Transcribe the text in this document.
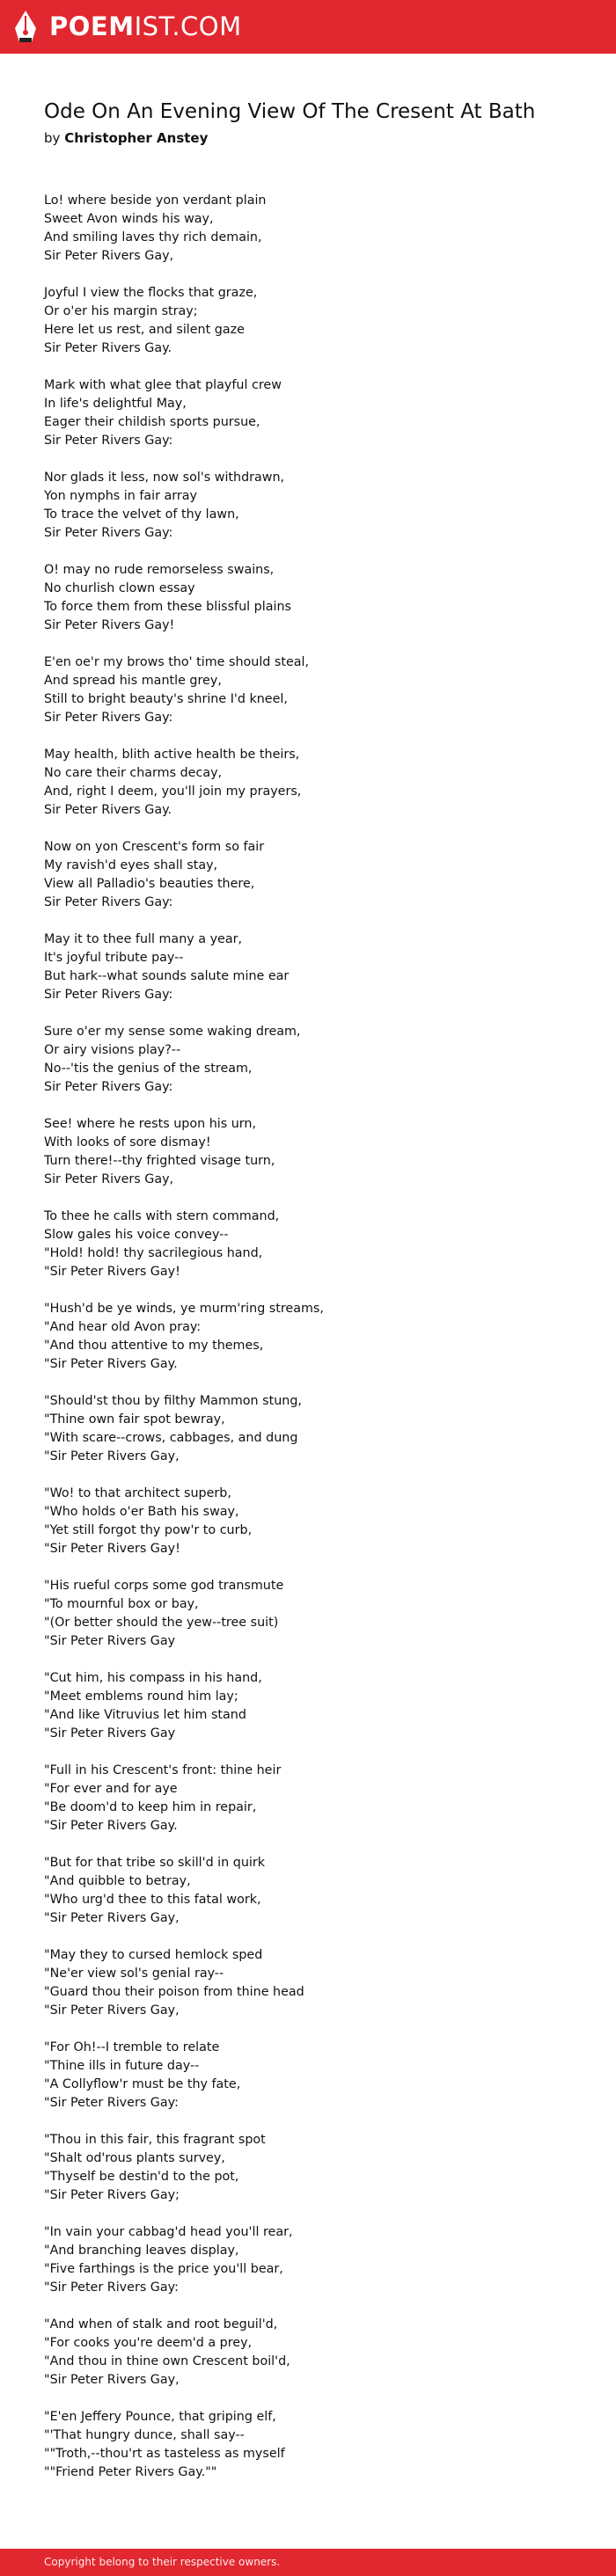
POEMIST.COM
Ode On An Evening View Of The Cresent At Bath
by Christopher Anstey
Lo! where beside yon verdant plain
Sweet Avon winds his way,
And smiling laves thy rich demain,
Sir Peter Rivers Gay,
Joyful I view the flocks that graze,
Or o'er his margin stray;
Here let us rest, and silent gaze
Sir Peter Rivers Gay.
Mark with what glee that playful crew
In life's delightful May,
Eager their childish sports pursue,
Sir Peter Rivers Gay:
Nor glads it less, now sol's withdrawn,
Yon nymphs in fair array
To trace the velvet of thy lawn,
Sir Peter Rivers Gay:
O! may no rude remorseless swains,
No churlish clown essay
To force them from these blissful plains
Sir Peter Rivers Gay!
E'en oe'r my brows tho' time should steal,
And spread his mantle grey,
Still to bright beauty's shrine I'd kneel,
Sir Peter Rivers Gay:
May health, blith active health be theirs,
No care their charms decay,
And, right I deem, you'll join my prayers,
Sir Peter Rivers Gay.
Now on yon Crescent's form so fair
My ravish'd eyes shall stay,
View all Palladio's beauties there,
Sir Peter Rivers Gay:
May it to thee full many a year,
It's joyful tribute pay--
But hark--what sounds salute mine ear
Sir Peter Rivers Gay:
Sure o'er my sense some waking dream,
Or airy visions play?--
No--'tis the genius of the stream,
Sir Peter Rivers Gay:
See! where he rests upon his urn,
With looks of sore dismay!
Turn there!--thy frighted visage turn,
Sir Peter Rivers Gay,
To thee he calls with stern command,
Slow gales his voice convey--
"Hold! hold! thy sacrilegious hand,
"Sir Peter Rivers Gay!
"Hush'd be ye winds, ye murm'ring streams,
"And hear old Avon pray:
"And thou attentive to my themes,
"Sir Peter Rivers Gay.
"Should'st thou by filthy Mammon stung,
"Thine own fair spot bewray,
"With scare--crows, cabbages, and dung
"Sir Peter Rivers Gay,
"Wo! to that architect superb,
"Who holds o'er Bath his sway,
"Yet still forgot thy pow'r to curb,
"Sir Peter Rivers Gay!
"His rueful corps some god transmute
"To mournful box or bay,
"(Or better should the yew--tree suit)
"Sir Peter Rivers Gay
"Cut him, his compass in his hand,
"Meet emblems round him lay;
"And like Vitruvius let him stand
"Sir Peter Rivers Gay
"Full in his Crescent's front: thine heir
"For ever and for aye
"Be doom'd to keep him in repair,
"Sir Peter Rivers Gay.
"But for that tribe so skill'd in quirk
"And quibble to betray,
"Who urg'd thee to this fatal work,
"Sir Peter Rivers Gay,
"May they to cursed hemlock sped
"Ne'er view sol's genial ray--
"Guard thou their poison from thine head
"Sir Peter Rivers Gay,
"For Oh!--I tremble to relate
"Thine ills in future day--
"A Collyflow'r must be thy fate,
"Sir Peter Rivers Gay:
"Thou in this fair, this fragrant spot
"Shalt od'rous plants survey,
"Thyself be destin'd to the pot,
"Sir Peter Rivers Gay;
"In vain your cabbag'd head you'll rear,
"And branching leaves display,
"Five farthings is the price you'll bear,
"Sir Peter Rivers Gay:
"And when of stalk and root beguil'd,
"For cooks you're deem'd a prey,
"And thou in thine own Crescent boil'd,
"Sir Peter Rivers Gay,
"E'en Jeffery Pounce, that griping elf,
"'That hungry dunce, shall say--
""Troth,--thou'rt as tasteless as myself
""Friend Peter Rivers Gay.""
Copyright belong to their respective owners.
